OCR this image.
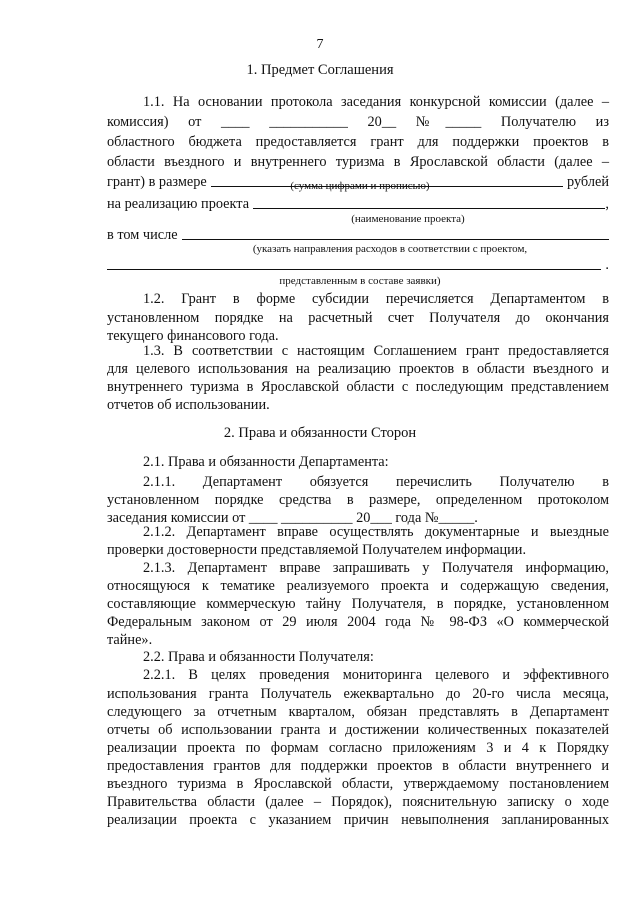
7
1. Предмет Соглашения
1.1. На основании протокола заседания конкурсной комиссии (далее –
комиссия) от ____ ___________ 20__ №_____ Получателю из
областного бюджета предоставляется грант для поддержки проектов в
области въездного и внутреннего туризма в Ярославской области (далее –
грант) в размере	рублей
(сумма цифрами и прописью)
на реализацию проекта	,
(наименование проекта)
в том числе
(указать направления расходов в соответствии с проектом,
.
представленным в составе заявки)
1.2. Грант в форме субсидии перечисляется Департаментом в
установленном порядке на расчетный счет Получателя до окончания
текущего финансового года.
1.3. В соответствии с настоящим Соглашением грант предоставляется
для целевого использования на реализацию проектов в области въездного и
внутреннего туризма в Ярославской области с последующим представлением
отчетов об использовании.
2. Права и обязанности Сторон
2.1. Права и обязанности Департамента:
2.1.1. Департамент обязуется перечислить Получателю в
установленном порядке средства в размере, определенном протоколом
заседания комиссии от ____ __________ 20___ года №_____.
2.1.2. Департамент вправе осуществлять документарные и выездные
проверки достоверности представляемой Получателем информации.
2.1.3. Департамент вправе запрашивать у Получателя информацию,
относящуюся к тематике реализуемого проекта и содержащую сведения,
составляющие коммерческую тайну Получателя, в порядке, установленном
Федеральным законом от 29 июля 2004 года № 98-ФЗ «О коммерческой
тайне».
2.2. Права и обязанности Получателя:
2.2.1. В целях проведения мониторинга целевого и эффективного
использования гранта Получатель ежеквартально до 20-го числа месяца,
следующего за отчетным кварталом, обязан представлять в Департамент
отчеты об использовании гранта и достижении количественных показателей
реализации проекта по формам согласно приложениям 3 и 4 к Порядку
предоставления грантов для поддержки проектов в области внутреннего и
въездного туризма в Ярославской области, утверждаемому постановлением
Правительства области (далее – Порядок), пояснительную записку о ходе
реализации проекта с указанием причин невыполнения запланированных
